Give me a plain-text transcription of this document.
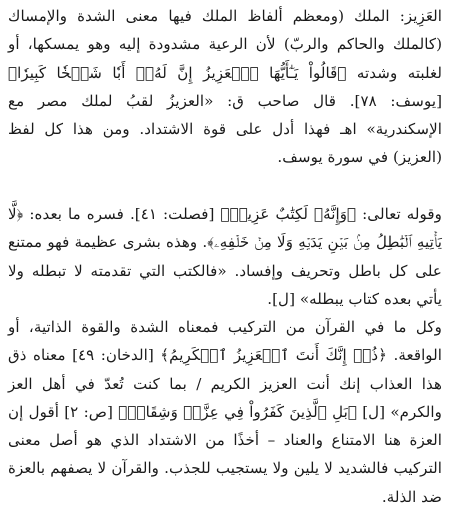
العَزِيز: الملك (ومعظم ألفاظ الملك فيها معنى الشدة والإمساك (كالملك والحاكم والربّ) لأن الرعية مشدودة إليه وهو يمسكها، أو لغلبته وشدته ﴿قَالُواْ يَـٰٓأَيُّهَا ٱلۡعَزِيزُ إِنَّ لَهُۥٓ أَبٗا شَيۡخٗا كَبِيرٗا﴾ [يوسف: ٧٨]. قال صاحب ق: «العزيزُ لقبُ لملك مصر مع الإسكندرية» اهـ فهذا أدل على قوة الاشتداد. ومن هذا كل لفظ (العزيز) في سورة يوسف.

وقوله تعالى: ﴿وَإِنَّهُۥ لَكِتَٰبٌ عَزِيزٞ﴾ [فصلت: ٤١]. فسره ما بعده: ﴿لَّا يَأۡتِيهِ ٱلۡبَٰطِلُ مِنۢ بَيۡنِ يَدَيۡهِ وَلَا مِنۡ خَلۡفِهِۦ﴾. وهذه بشرى عظيمة فهو ممتنع على كل باطل وتحريف وإفساد. «فالكتب التي تقدمته لا تبطله ولا يأتي بعده كتاب يبطله» [ل].

وكل ما في القرآن من التركيب فمعناه الشدة والقوة الذاتية، أو الواقعة. ﴿ذُقۡ إِنَّكَ أَنتَ ٱلۡعَزِيزُ ٱلۡكَرِيمُ﴾ [الدخان: ٤٩] معناه ذق هذا العذاب إنك أنت العزيز الكريم / بما كنت تُعدّ في أهل العز والكرم» [ل] ﴿بَلِ ٱلَّذِينَ كَفَرُواْ فِي عِزَّةٖ وَشِقَاقٖ﴾ [ص: ٢] أقول إن العزة هنا الامتناع والعناد – أخذًا من الاشتداد الذي هو أصل معنى التركيب فالشديد لا يلين ولا يستجيب للجذب. والقرآن لا يصفهم بالعزة ضد الذلة.
